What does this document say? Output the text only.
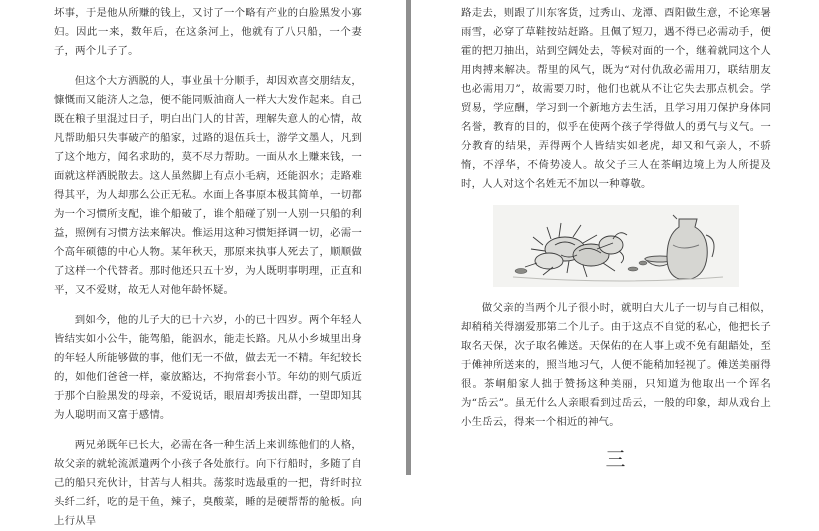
坏事，于是他从所赚的钱上，又讨了一个略有产业的白脸黑发小寡妇。因此一来，数年后，在这条河上，他就有了八只船，一个妻子，两个儿子了。

但这个大方洒脱的人，事业虽十分顺手，却因欢喜交朋结友，慷慨而又能济人之急，便不能同贩油商人一样大大发作起来。自己既在粮子里混过日子，明白出门人的甘苦，理解失意人的心情，故凡帮助船只失事破产的船家，过路的退伍兵士，游学文墨人，凡到了这个地方，闻名求助的，莫不尽力帮助。一面从水上赚来钱，一面就这样洒脱散去。这人虽然脚上有点小毛病，还能泅水；走路难得其平，为人却那么公正无私。水面上各事原本极其简单，一切都为一个习惯所支配，谁个船破了，谁个船碰了别一人别一只船的利益，照例有习惯方法来解决。惟运用这种习惯矩择调一切，必需一个高年硕德的中心人物。某年秋天，那原来执事人死去了，顺顺做了这样一个代替者。那时他还只五十岁，为人既明事明理，正直和平，又不爱财，故无人对他年龄怀疑。

到如今，他的儿子大的已十六岁，小的已十四岁。两个年轻人皆结实如小公牛，能驾船，能泅水，能走长路。凡从小乡城里出身的年轻人所能够做的事，他们无一不做，做去无一不精。年纪较长的，如他们爸爸一样，豪放豁达，不拘常套小节。年幼的则气质近于那个白脸黑发的母亲，不爱说话，眼眉却秀拔出群，一望即知其为人聪明而又富于感情。

两兄弟既年已长大，必需在各一种生活上来训练他们的人格，故父亲的就轮流派遣两个小孩子各处旅行。向下行船时，多随了自己的船只充伙计，甘苦与人相共。荡浆时选最重的一把，背纤时拉头纤二纤，吃的是干鱼，辣子，臭酸菜，睡的是硬帮帮的舱板。向上行从旱

路走去，则跟了川东客货，过秀山、龙潭、酉阳做生意，不论寒暑雨雪，必穿了草鞋按站赶路。且佩了短刀，遇不得已必需动手，便霍的把刀抽出，站到空阔处去，等候对面的一个，继着就同这个人用肉搏来解决。帮里的风气，既为“对付仇敌必需用刀，联结朋友也必需用刀”，故需要刀时，他们也就从不让它失去那点机会。学贸易，学应酬，学习到一个新地方去生活，且学习用刀保护身体同名誉，教育的目的，似乎在使两个孩子学得做人的勇气与义气。一分教育的结果，弄得两个人皆结实如老虎，却又和气亲人，不骄惰，不浮华，不倚势凌人。故父子三人在茶峒边境上为人所提及时，人人对这个名姓无不加以一种尊敬。

做父亲的当两个儿子很小时，就明白大儿子一切与自己相似，却稍稍关得溺爱那第二个儿子。由于这点不自觉的私心，他把长子取名天保，次子取名傩送。天保佑的在人事上或不免有龃龉处，至于傩神所送来的，照当地习气，人便不能稍加轻视了。傩送美丽得很。茶峒船家人拙于赞扬这种美丽，只知道为他取出一个诨名为“岳云”。虽无什么人亲眼看到过岳云，一般的印象，却从戏台上小生岳云，得来一个相近的神气。

三
